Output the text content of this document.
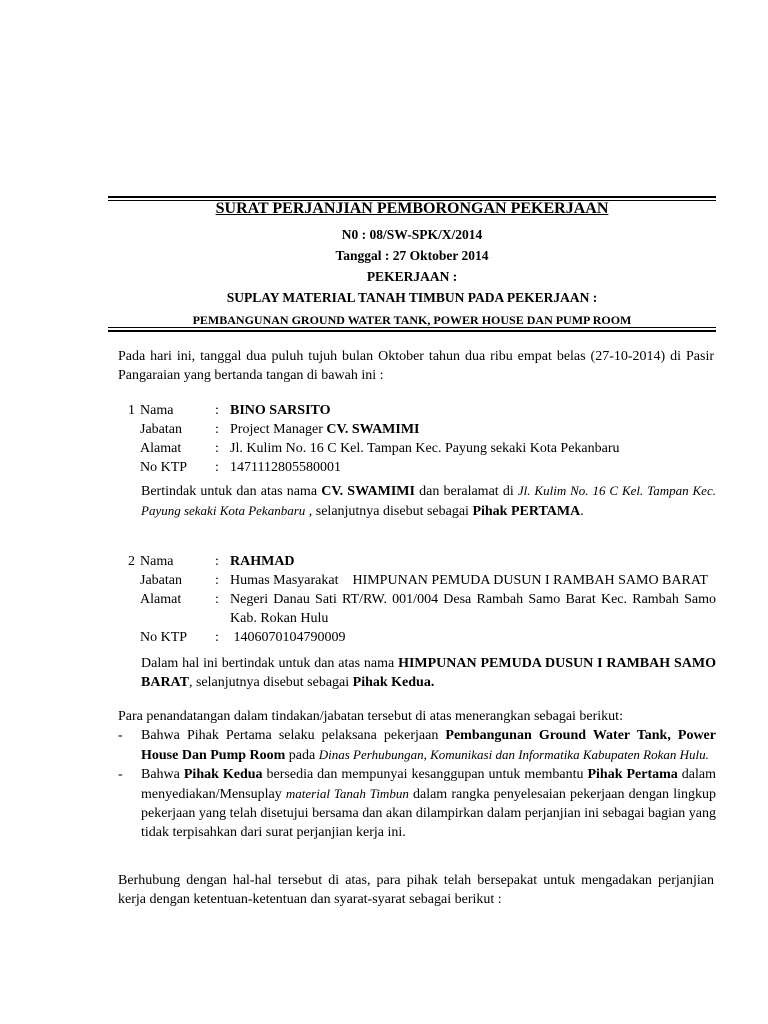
SURAT PERJANJIAN PEMBORONGAN PEKERJAAN
N0 : 08/SW-SPK/X/2014
Tanggal : 27 Oktober 2014
PEKERJAAN :
SUPLAY MATERIAL TANAH TIMBUN PADA PEKERJAAN :
PEMBANGUNAN GROUND WATER TANK, POWER HOUSE DAN PUMP ROOM
Pada hari ini, tanggal dua puluh tujuh bulan Oktober tahun dua ribu empat belas (27-10-2014) di Pasir Pangaraian yang bertanda tangan di bawah ini :
1 Nama	: BINO SARSITO
Jabatan : Project Manager CV. SWAMIMI
Alamat : Jl. Kulim No. 16 C Kel. Tampan Kec. Payung sekaki Kota Pekanbaru
No KTP : 1471112805580001
Bertindak untuk dan atas nama CV. SWAMIMI dan beralamat di Jl. Kulim No. 16 C Kel. Tampan Kec. Payung sekaki Kota Pekanbaru , selanjutnya disebut sebagai Pihak PERTAMA.
2 Nama	: RAHMAD
Jabatan : Humas Masyarakat    HIMPUNAN PEMUDA DUSUN I RAMBAH SAMO BARAT
Alamat : Negeri Danau Sati RT/RW. 001/004 Desa Rambah Samo Barat Kec. Rambah Samo Kab. Rokan Hulu
No KTP : 1406070104790009
Dalam hal ini bertindak untuk dan atas nama HIMPUNAN PEMUDA DUSUN I RAMBAH SAMO BARAT, selanjutnya disebut sebagai Pihak Kedua.
Para penandatangan dalam tindakan/jabatan tersebut di atas menerangkan sebagai berikut:
- Bahwa Pihak Pertama selaku pelaksana pekerjaan Pembangunan Ground Water Tank, Power House Dan Pump Room pada Dinas Perhubungan, Komunikasi dan Informatika Kabupaten Rokan Hulu.
- Bahwa Pihak Kedua bersedia dan mempunyai kesanggupan untuk membantu Pihak Pertama dalam menyediakan/Mensuplay material Tanah Timbun dalam rangka penyelesaian pekerjaan dengan lingkup pekerjaan yang telah disetujui bersama dan akan dilampirkan dalam perjanjian ini sebagai bagian yang tidak terpisahkan dari surat perjanjian kerja ini.
Berhubung dengan hal-hal tersebut di atas, para pihak telah bersepakat untuk mengadakan perjanjian kerja dengan ketentuan-ketentuan dan syarat-syarat sebagai berikut :
